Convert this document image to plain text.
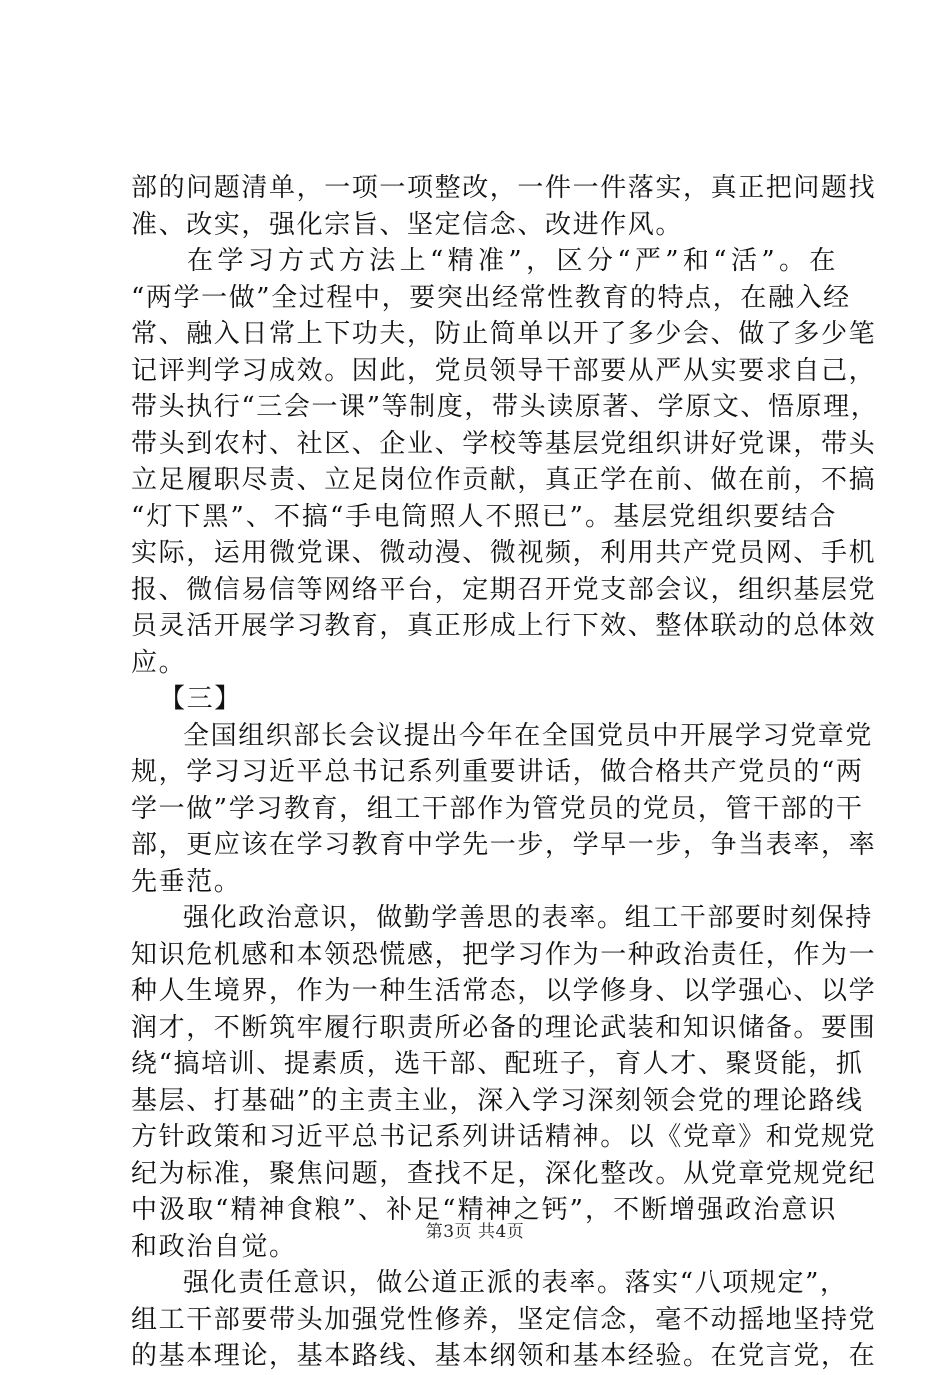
部的问题清单，一项一项整改，一件一件落实，真正把问题找
准、改实，强化宗旨、坚定信念、改进作风。
在学习方式方法上“精准”，区分“严”和“活”。在
“两学一做”全过程中，要突出经常性教育的特点，在融入经
常、融入日常上下功夫，防止简单以开了多少会、做了多少笔
记评判学习成效。因此，党员领导干部要从严从实要求自己，
带头执行“三会一课”等制度，带头读原著、学原文、悟原理，
带头到农村、社区、企业、学校等基层党组织讲好党课，带头
立足履职尽责、立足岗位作贡献，真正学在前、做在前，不搞
“灯下黑”、不搞“手电筒照人不照已”。基层党组织要结合
实际，运用微党课、微动漫、微视频，利用共产党员网、手机
报、微信易信等网络平台，定期召开党支部会议，组织基层党
员灵活开展学习教育，真正形成上行下效、整体联动的总体效
应。
【三】
全国组织部长会议提出今年在全国党员中开展学习党章党
规，学习习近平总书记系列重要讲话，做合格共产党员的“两
学一做”学习教育，组工干部作为管党员的党员，管干部的干
部，更应该在学习教育中学先一步，学早一步，争当表率，率
先垂范。
强化政治意识，做勤学善思的表率。组工干部要时刻保持
知识危机感和本领恐慌感，把学习作为一种政治责任，作为一
种人生境界，作为一种生活常态，以学修身、以学强心、以学
润才，不断筑牢履行职责所必备的理论武装和知识储备。要围
绕“搞培训、提素质，选干部、配班子，育人才、聚贤能，抓
基层、打基础”的主责主业，深入学习深刻领会党的理论路线
方针政策和习近平总书记系列讲话精神。以《党章》和党规党
纪为标准，聚焦问题，查找不足，深化整改。从党章党规党纪
中汲取“精神食粮”、补足“精神之钙”，不断增强政治意识
和政治自觉。
强化责任意识，做公道正派的表率。落实“八项规定”，
组工干部要带头加强党性修养，坚定信念，毫不动摇地坚持党
的基本理论，基本路线、基本纲领和基本经验。在党言党，在
第3页 共4页
